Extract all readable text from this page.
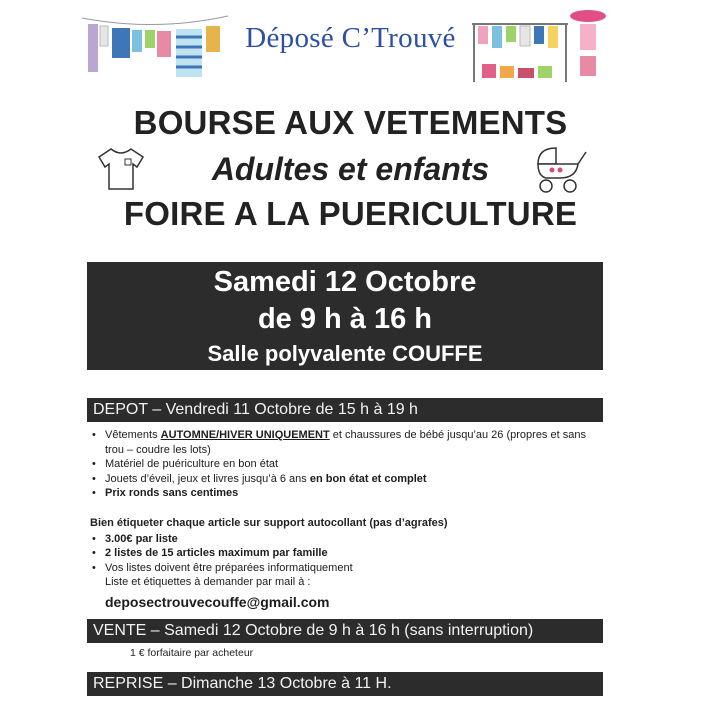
Déposé C’Trouvé
BOURSE AUX VETEMENTS
Adultes et enfants
FOIRE A LA PUERICULTURE
Samedi 12 Octobre
de 9 h à 16 h
Salle polyvalente COUFFE
DEPOT – Vendredi 11 Octobre de 15 h à 19 h
• Vêtements AUTOMNE/HIVER UNIQUEMENT et chaussures de bébé jusqu’au 26 (propres et sans trou – coudre les lots)
• Matériel de puériculture en bon état
• Jouets d’éveil, jeux et livres jusqu’à 6 ans en bon état et complet
• Prix ronds sans centimes
Bien étiqueter chaque article sur support autocollant (pas d’agrafes)
• 3.00€ par liste
• 2 listes de 15 articles maximum par famille
• Vos listes doivent être préparées informatiquement
Liste et étiquettes à demander par mail à :
deposectrouvecouffe@gmail.com
VENTE – Samedi 12 Octobre de 9 h à 16 h (sans interruption)
1 € forfaitaire par acheteur
REPRISE – Dimanche 13 Octobre à 11 H.
